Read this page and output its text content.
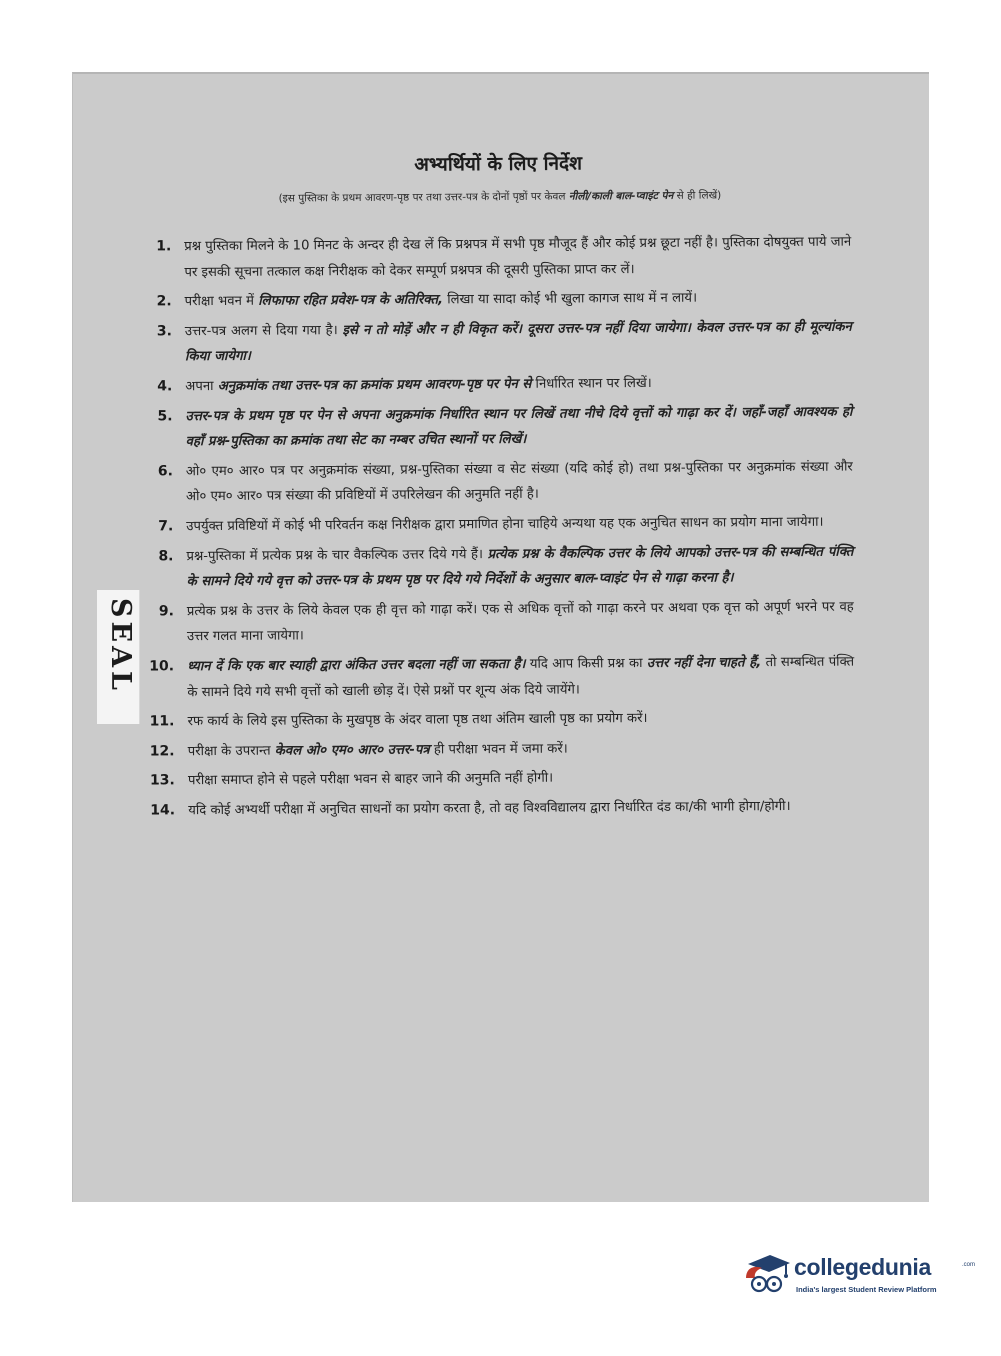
अभ्यर्थियों के लिए निर्देश
(इस पुस्तिका के प्रथम आवरण-पृष्ठ पर तथा उत्तर-पत्र के दोनों पृष्ठों पर केवल नीली/काली बाल-प्वाइंट पेन से ही लिखें)
1. प्रश्न पुस्तिका मिलने के 10 मिनट के अन्दर ही देख लें कि प्रश्नपत्र में सभी पृष्ठ मौजूद हैं और कोई प्रश्न छूटा नहीं है। पुस्तिका दोषयुक्त पाये जाने पर इसकी सूचना तत्काल कक्ष निरीक्षक को देकर सम्पूर्ण प्रश्नपत्र की दूसरी पुस्तिका प्राप्त कर लें।
2. परीक्षा भवन में लिफाफा रहित प्रवेश-पत्र के अतिरिक्त, लिखा या सादा कोई भी खुला कागज साथ में न लायें।
3. उत्तर-पत्र अलग से दिया गया है। इसे न तो मोड़ें और न ही विकृत करें। दूसरा उत्तर-पत्र नहीं दिया जायेगा। केवल उत्तर-पत्र का ही मूल्यांकन किया जायेगा।
4. अपना अनुक्रमांक तथा उत्तर-पत्र का क्रमांक प्रथम आवरण-पृष्ठ पर पेन से निर्धारित स्थान पर लिखें।
5. उत्तर-पत्र के प्रथम पृष्ठ पर पेन से अपना अनुक्रमांक निर्धारित स्थान पर लिखें तथा नीचे दिये वृत्तों को गाढ़ा कर दें। जहाँ-जहाँ आवश्यक हो वहाँ प्रश्न-पुस्तिका का क्रमांक तथा सेट का नम्बर उचित स्थानों पर लिखें।
6. ओ० एम० आर० पत्र पर अनुक्रमांक संख्या, प्रश्न-पुस्तिका संख्या व सेट संख्या (यदि कोई हो) तथा प्रश्न-पुस्तिका पर अनुक्रमांक संख्या और ओ० एम० आर० पत्र संख्या की प्रविष्टियों में उपरिलेखन की अनुमति नहीं है।
7. उपर्युक्त प्रविष्टियों में कोई भी परिवर्तन कक्ष निरीक्षक द्वारा प्रमाणित होना चाहिये अन्यथा यह एक अनुचित साधन का प्रयोग माना जायेगा।
8. प्रश्न-पुस्तिका में प्रत्येक प्रश्न के चार वैकल्पिक उत्तर दिये गये हैं। प्रत्येक प्रश्न के वैकल्पिक उत्तर के लिये आपको उत्तर-पत्र की सम्बन्धित पंक्ति के सामने दिये गये वृत्त को उत्तर-पत्र के प्रथम पृष्ठ पर दिये गये निर्देशों के अनुसार बाल-प्वाइंट पेन से गाढ़ा करना है।
9. प्रत्येक प्रश्न के उत्तर के लिये केवल एक ही वृत्त को गाढ़ा करें। एक से अधिक वृत्तों को गाढ़ा करने पर अथवा एक वृत्त को अपूर्ण भरने पर वह उत्तर गलत माना जायेगा।
10. ध्यान दें कि एक बार स्याही द्वारा अंकित उत्तर बदला नहीं जा सकता है। यदि आप किसी प्रश्न का उत्तर नहीं देना चाहते हैं, तो सम्बन्धित पंक्ति के सामने दिये गये सभी वृत्तों को खाली छोड़ दें। ऐसे प्रश्नों पर शून्य अंक दिये जायेंगे।
11. रफ कार्य के लिये इस पुस्तिका के मुखपृष्ठ के अंदर वाला पृष्ठ तथा अंतिम खाली पृष्ठ का प्रयोग करें।
12. परीक्षा के उपरान्त केवल ओ० एम० आर० उत्तर-पत्र ही परीक्षा भवन में जमा करें।
13. परीक्षा समाप्त होने से पहले परीक्षा भवन से बाहर जाने की अनुमति नहीं होगी।
14. यदि कोई अभ्यर्थी परीक्षा में अनुचित साधनों का प्रयोग करता है, तो वह विश्वविद्यालय द्वारा निर्धारित दंड का/की भागी होगा/होगी।
SEAL
collegedunia	.com
India's largest Student Review Platform
